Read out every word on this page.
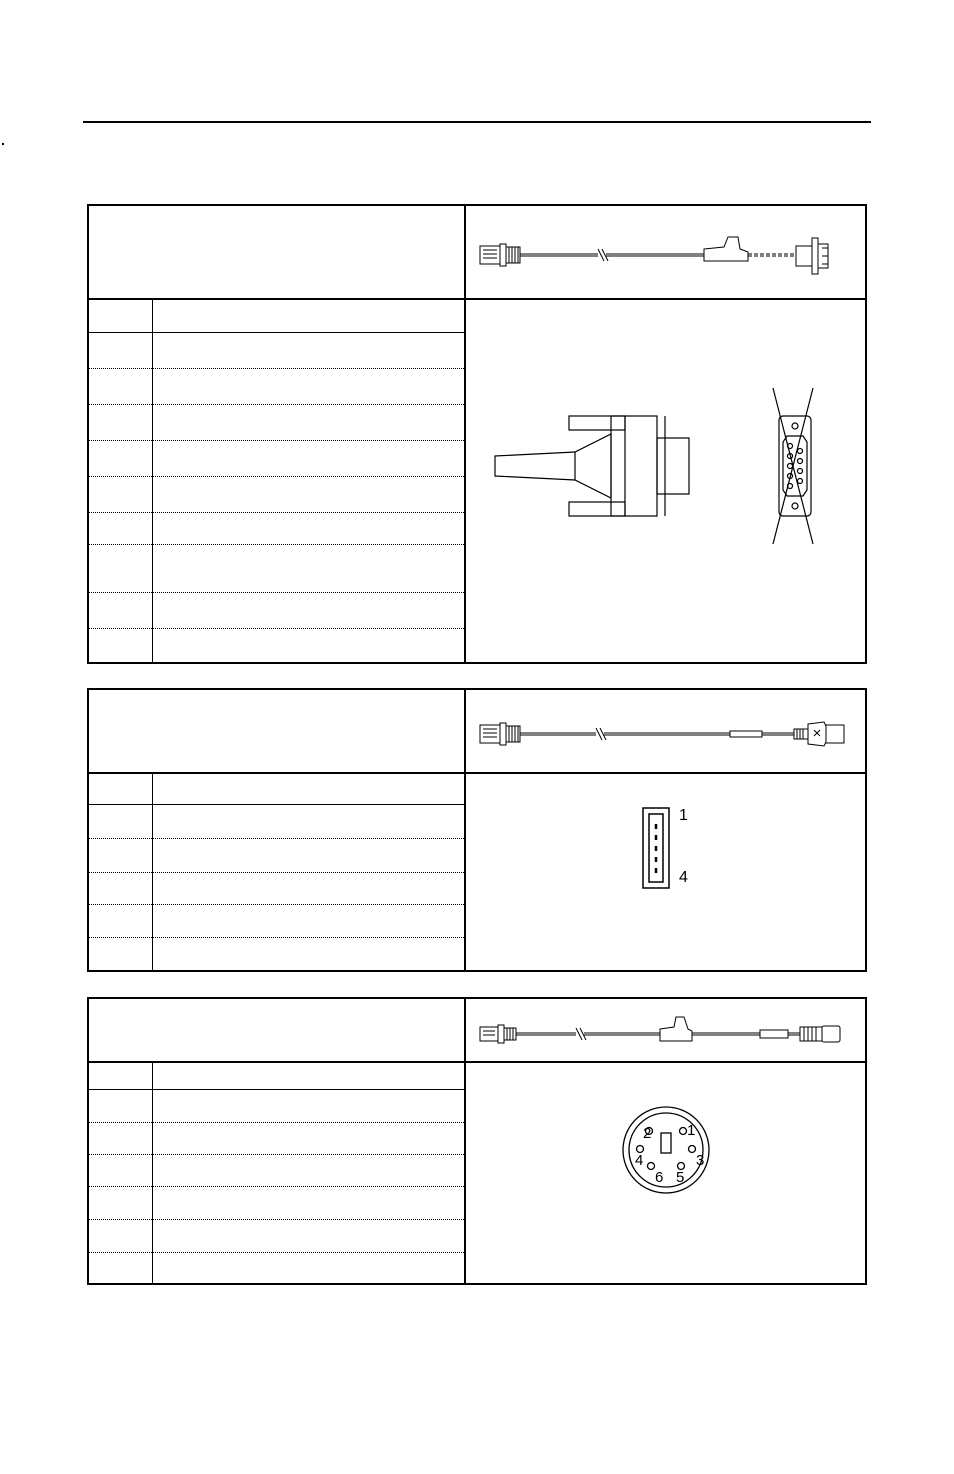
1
4
1
2
3
4
5
6
